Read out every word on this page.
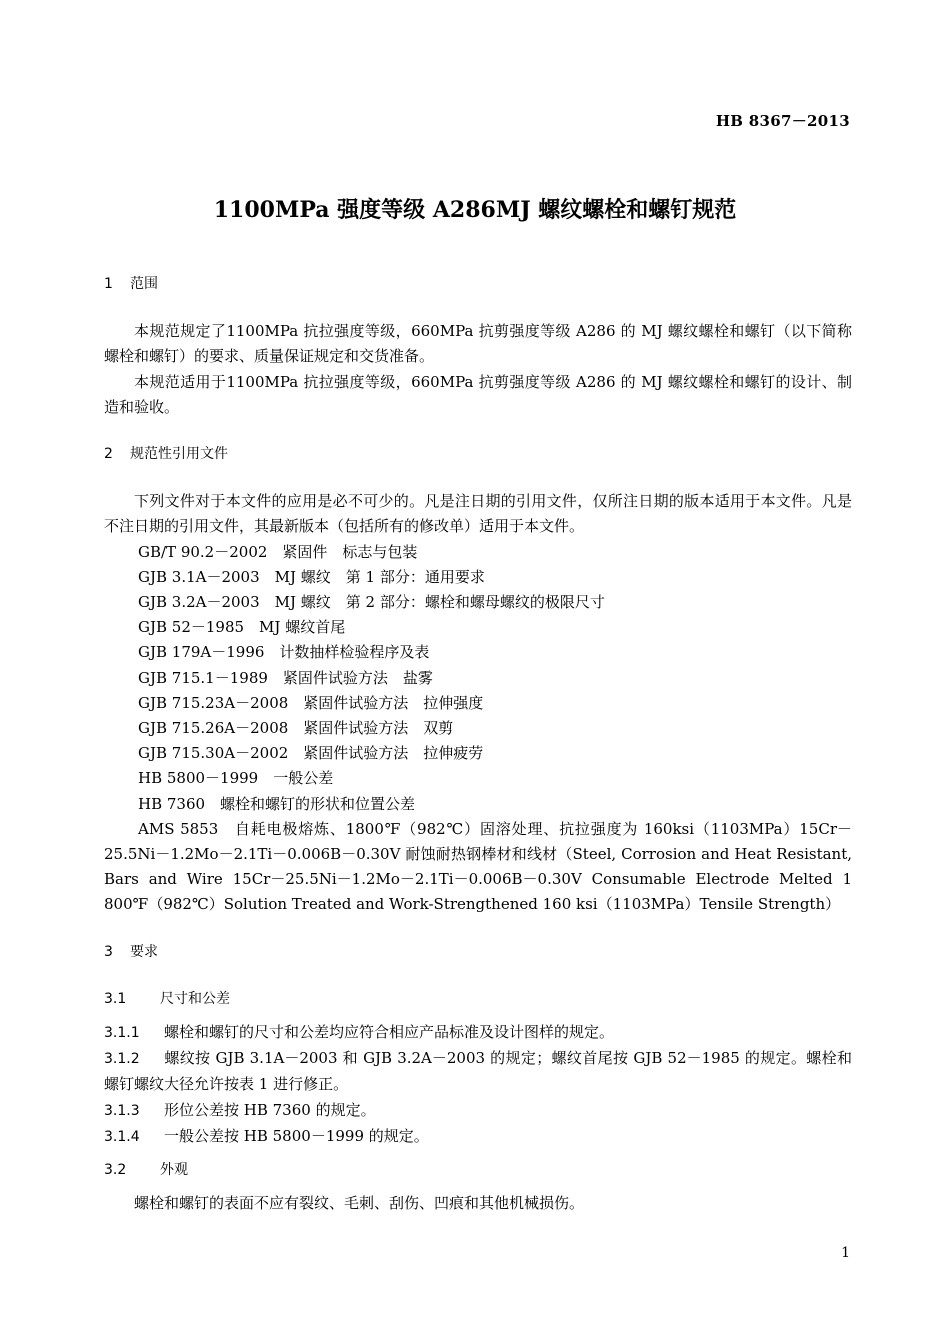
HB 8367－2013
1100MPa 强度等级 A286MJ 螺纹螺栓和螺钉规范
1 范围
本规范规定了1100MPa 抗拉强度等级，660MPa 抗剪强度等级 A286 的 MJ 螺纹螺栓和螺钉（以下简称螺栓和螺钉）的要求、质量保证规定和交货准备。
本规范适用于1100MPa 抗拉强度等级，660MPa 抗剪强度等级 A286 的 MJ 螺纹螺栓和螺钉的设计、制造和验收。
2 规范性引用文件
下列文件对于本文件的应用是必不可少的。凡是注日期的引用文件，仅所注日期的版本适用于本文件。凡是不注日期的引用文件，其最新版本（包括所有的修改单）适用于本文件。
GB/T 90.2－2002　紧固件　标志与包装
GJB 3.1A－2003　MJ 螺纹　第 1 部分：通用要求
GJB 3.2A－2003　MJ 螺纹　第 2 部分：螺栓和螺母螺纹的极限尺寸
GJB 52－1985　MJ 螺纹首尾
GJB 179A－1996　计数抽样检验程序及表
GJB 715.1－1989　紧固件试验方法　盐雾
GJB 715.23A－2008　紧固件试验方法　拉伸强度
GJB 715.26A－2008　紧固件试验方法　双剪
GJB 715.30A－2002　紧固件试验方法　拉伸疲劳
HB 5800－1999　一般公差
HB 7360　螺栓和螺钉的形状和位置公差
AMS 5853　自耗电极熔炼、1800℉（982℃）固溶处理、抗拉强度为 160ksi（1103MPa）15Cr－25.5Ni－1.2Mo－2.1Ti－0.006B－0.30V 耐蚀耐热钢棒材和线材（Steel, Corrosion and Heat Resistant, Bars and Wire 15Cr－25.5Ni－1.2Mo－2.1Ti－0.006B－0.30V Consumable Electrode Melted 1 800℉（982℃）Solution Treated and Work-Strengthened 160 ksi（1103MPa）Tensile Strength）
3 要求
3.1 尺寸和公差
3.1.1 螺栓和螺钉的尺寸和公差均应符合相应产品标准及设计图样的规定。
3.1.2 螺纹按 GJB 3.1A－2003 和 GJB 3.2A－2003 的规定；螺纹首尾按 GJB 52－1985 的规定。螺栓和螺钉螺纹大径允许按表 1 进行修正。
3.1.3 形位公差按 HB 7360 的规定。
3.1.4 一般公差按 HB 5800－1999 的规定。
3.2 外观
螺栓和螺钉的表面不应有裂纹、毛刺、刮伤、凹痕和其他机械损伤。
1
